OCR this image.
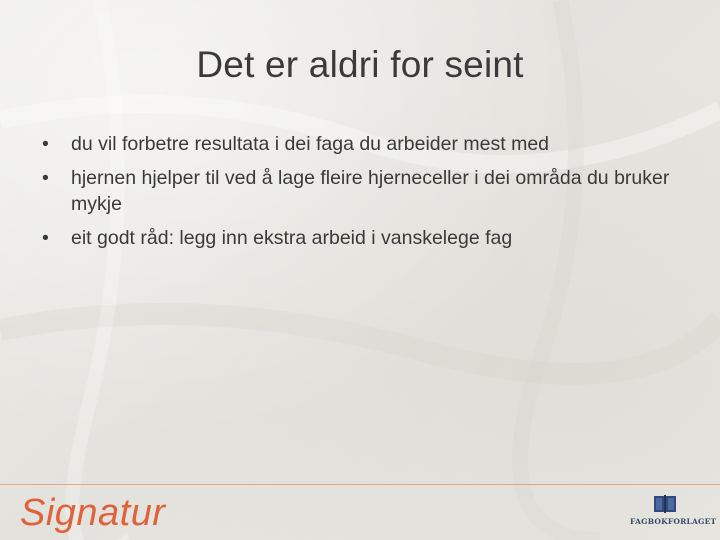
Det er aldri for seint
• du vil forbetre resultata i dei faga du arbeider mest med
• hjernen hjelper til ved å lage fleire hjerneceller i dei områda du bruker mykje
• eit godt råd: legg inn ekstra arbeid i vanskelege fag
Signatur	FAGBOKFORLAGET
